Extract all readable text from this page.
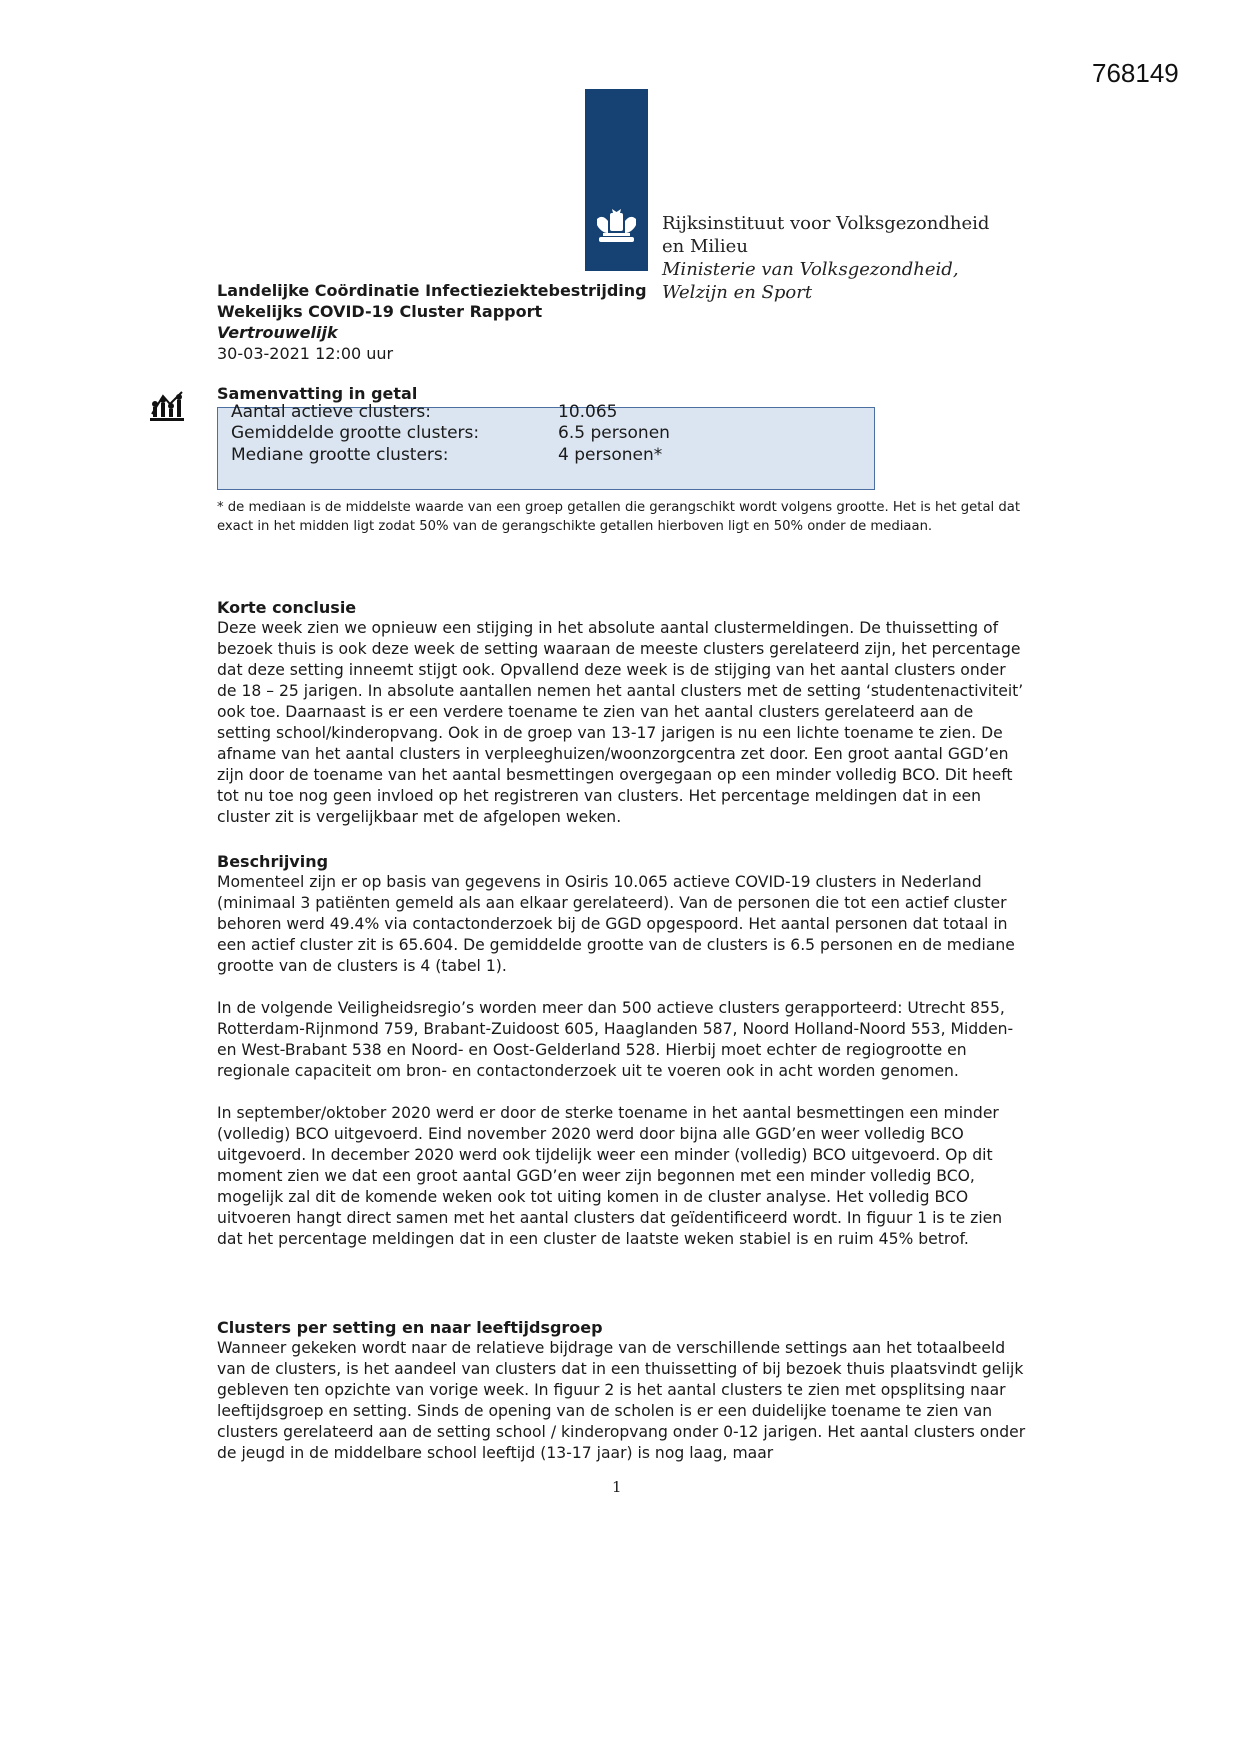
768149
Rijksinstituut voor Volksgezondheid
en Milieu
Ministerie van Volksgezondheid,
Welzijn en Sport
Landelijke Coördinatie Infectieziektebestrijding
Wekelijks COVID-19 Cluster Rapport
Vertrouwelijk
30-03-2021 12:00 uur
Samenvatting in getal
Aantal actieve clusters:	10.065
Gemiddelde grootte clusters:	6.5 personen
Mediane grootte clusters:	4 personen*
* de mediaan is de middelste waarde van een groep getallen die gerangschikt wordt volgens grootte. Het is het getal dat exact in het midden ligt zodat 50% van de gerangschikte getallen hierboven ligt en 50% onder de mediaan.
Korte conclusie

Deze week zien we opnieuw een stijging in het absolute aantal clustermeldingen. De thuissetting of bezoek thuis is ook deze week de setting waaraan de meeste clusters gerelateerd zijn, het percentage dat deze setting inneemt stijgt ook. Opvallend deze week is de stijging van het aantal clusters onder de 18 – 25 jarigen. In absolute aantallen nemen het aantal clusters met de setting ‘studentenactiviteit’ ook toe. Daarnaast is er een verdere toename te zien van het aantal clusters gerelateerd aan de setting school/kinderopvang. Ook in de groep van 13-17 jarigen is nu een lichte toename te zien. De afname van het aantal clusters in verpleeghuizen/woonzorgcentra zet door. Een groot aantal GGD’en zijn door de toename van het aantal besmettingen overgegaan op een minder volledig BCO. Dit heeft tot nu toe nog geen invloed op het registreren van clusters. Het percentage meldingen dat in een cluster zit is vergelijkbaar met de afgelopen weken.

Beschrijving

Momenteel zijn er op basis van gegevens in Osiris 10.065 actieve COVID-19 clusters in Nederland (minimaal 3 patiënten gemeld als aan elkaar gerelateerd). Van de personen die tot een actief cluster behoren werd 49.4% via contactonderzoek bij de GGD opgespoord. Het aantal personen dat totaal in een actief cluster zit is 65.604. De gemiddelde grootte van de clusters is 6.5 personen en de mediane grootte van de clusters is 4 (tabel 1).

In de volgende Veiligheidsregio’s worden meer dan 500 actieve clusters gerapporteerd: Utrecht 855, Rotterdam-Rijnmond 759, Brabant-Zuidoost 605, Haaglanden 587, Noord Holland-Noord 553, Midden- en West-Brabant 538 en Noord- en Oost-Gelderland 528. Hierbij moet echter de regiogrootte en regionale capaciteit om bron- en contactonderzoek uit te voeren ook in acht worden genomen.

In september/oktober 2020 werd er door de sterke toename in het aantal besmettingen een minder (volledig) BCO uitgevoerd. Eind november 2020 werd door bijna alle GGD’en weer volledig BCO uitgevoerd. In december 2020 werd ook tijdelijk weer een minder (volledig) BCO uitgevoerd. Op dit moment zien we dat een groot aantal GGD’en weer zijn begonnen met een minder volledig BCO, mogelijk zal dit de komende weken ook tot uiting komen in de cluster analyse. Het volledig BCO uitvoeren hangt direct samen met het aantal clusters dat geïdentificeerd wordt. In figuur 1 is te zien dat het percentage meldingen dat in een cluster de laatste weken stabiel is en ruim 45% betrof.

Clusters per setting en naar leeftijdsgroep

Wanneer gekeken wordt naar de relatieve bijdrage van de verschillende settings aan het totaalbeeld van de clusters, is het aandeel van clusters dat in een thuissetting of bij bezoek thuis plaatsvindt gelijk gebleven ten opzichte van vorige week. In figuur 2 is het aantal clusters te zien met opsplitsing naar leeftijdsgroep en setting. Sinds de opening van de scholen is er een duidelijke toename te zien van clusters gerelateerd aan de setting school / kinderopvang onder 0-12 jarigen. Het aantal clusters onder de jeugd in de middelbare school leeftijd (13-17 jaar) is nog laag, maar

1
